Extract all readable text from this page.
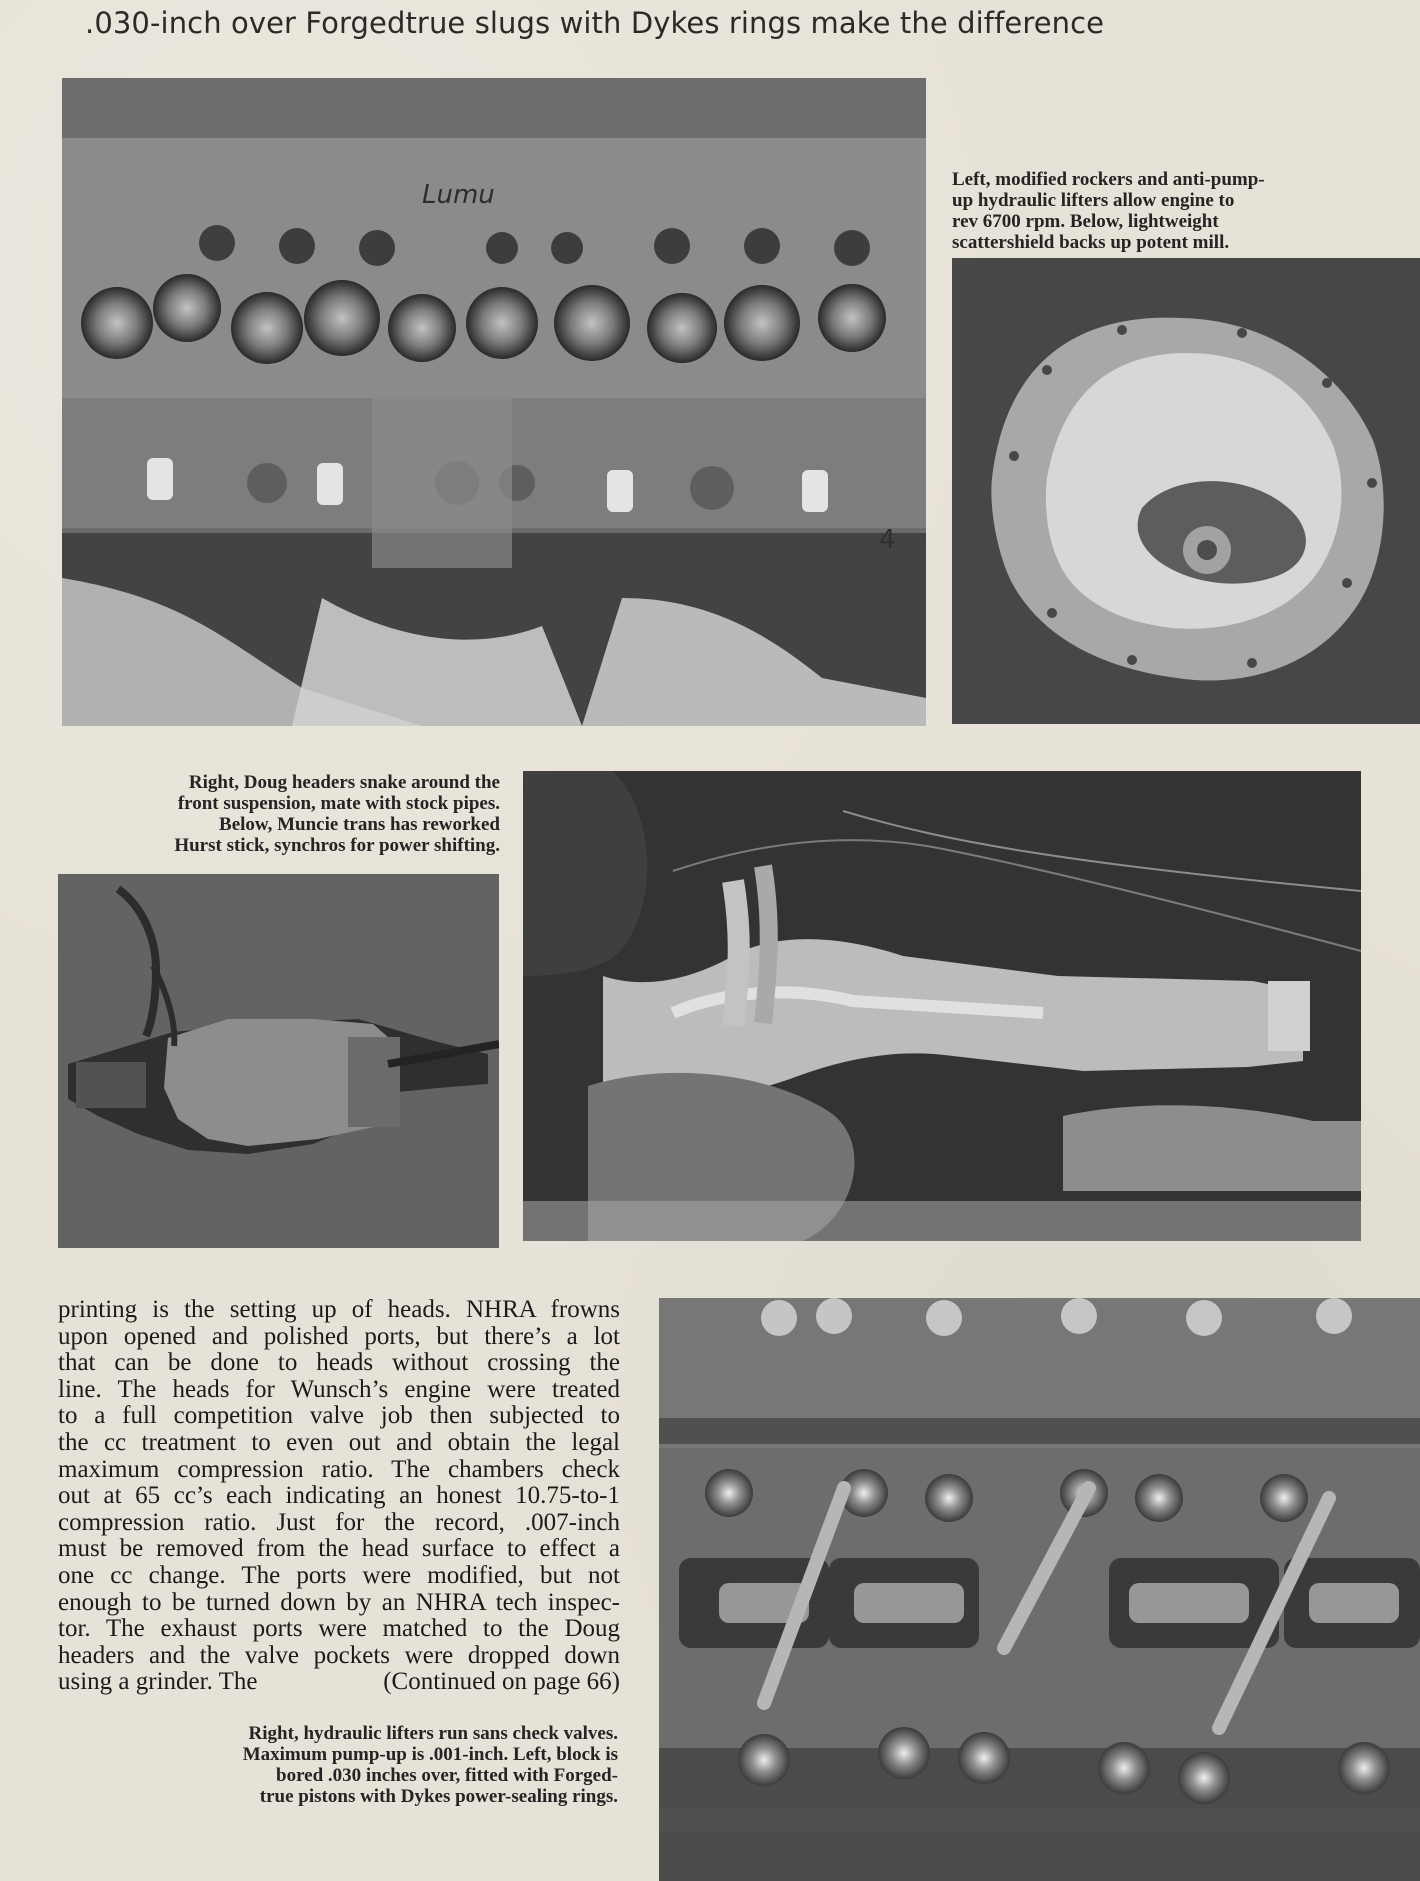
.030-inch over Forgedtrue slugs with Dykes rings make the difference
Lumu
4
Left, modified rockers and anti-pump-
up hydraulic lifters allow engine to
rev 6700 rpm. Below, lightweight
scattershield backs up potent mill.
Right, Doug headers snake around the
front suspension, mate with stock pipes.
Below, Muncie trans has reworked
Hurst stick, synchros for power shifting.
printing is the setting up of heads. NHRA frowns
upon opened and polished ports, but there’s a lot
that can be done to heads without crossing the
line. The heads for Wunsch’s engine were treated
to a full competition valve job then subjected to
the cc treatment to even out and obtain the legal
maximum compression ratio. The chambers check
out at 65 cc’s each indicating an honest 10.75-to-1
compression ratio. Just for the record, .007-inch
must be removed from the head surface to effect a
one cc change. The ports were modified, but not
enough to be turned down by an NHRA tech inspec-
tor. The exhaust ports were matched to the Doug
headers and the valve pockets were dropped down
using a grinder. The	(Continued on page 66)
Right, hydraulic lifters run sans check valves.
Maximum pump-up is .001-inch. Left, block is
bored .030 inches over, fitted with Forged-
true pistons with Dykes power-sealing rings.
